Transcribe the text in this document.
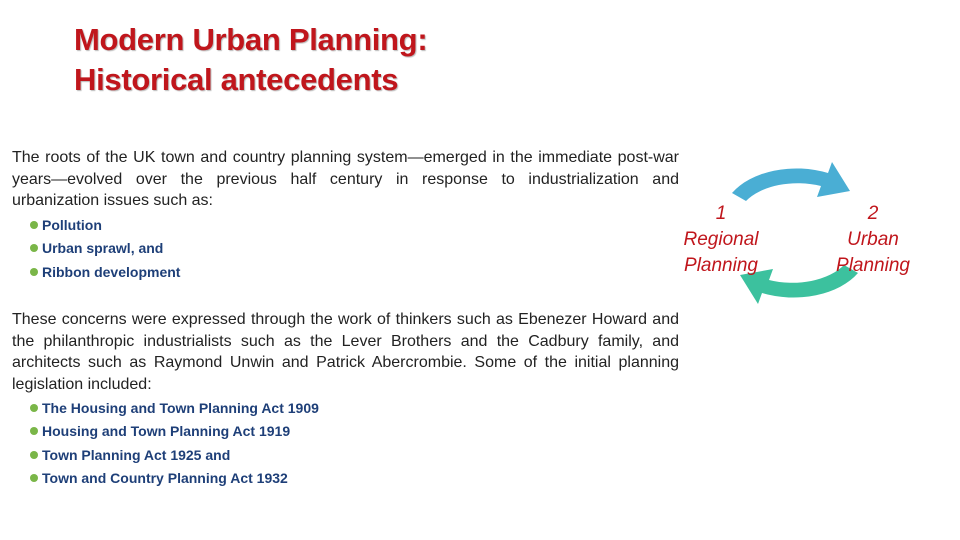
Modern Urban Planning:
Historical antecedents

The roots of the UK town and country planning system—emerged in the immediate post-war years—evolved over the previous half century in response to industrialization and urbanization issues such as:

Pollution
Urban sprawl, and
Ribbon development

These concerns were expressed through the work of thinkers such as Ebenezer Howard and the philanthropic industrialists such as the Lever Brothers and the Cadbury family, and architects such as Raymond Unwin and Patrick Abercrombie. Some of the initial planning legislation included:

The Housing and Town Planning Act 1909
Housing and Town Planning Act 1919
Town Planning Act 1925 and
Town and Country Planning Act 1932
1
Regional
Planning
2
Urban
Planning
